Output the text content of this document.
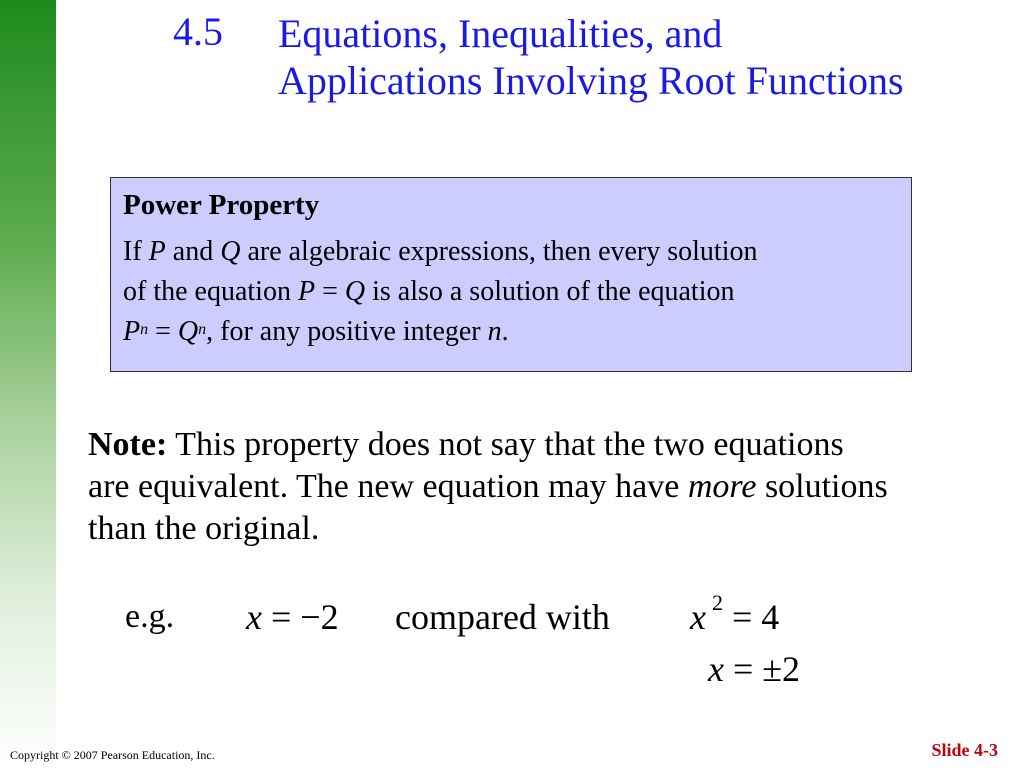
4.5 Equations, Inequalities, and
Applications Involving Root Functions
Power Property
If P and Q are algebraic expressions, then every solution
of the equation P = Q is also a solution of the equation
$P^n = Q^n$, for any positive integer n.
Note: This property does not say that the two equations are equivalent. The new equation may have more solutions than the original.
e.g. x = −2 compared with x $^2$ = 4
x = ±2
Copyright © 2007 Pearson Education, Inc.	Slide 4-3
